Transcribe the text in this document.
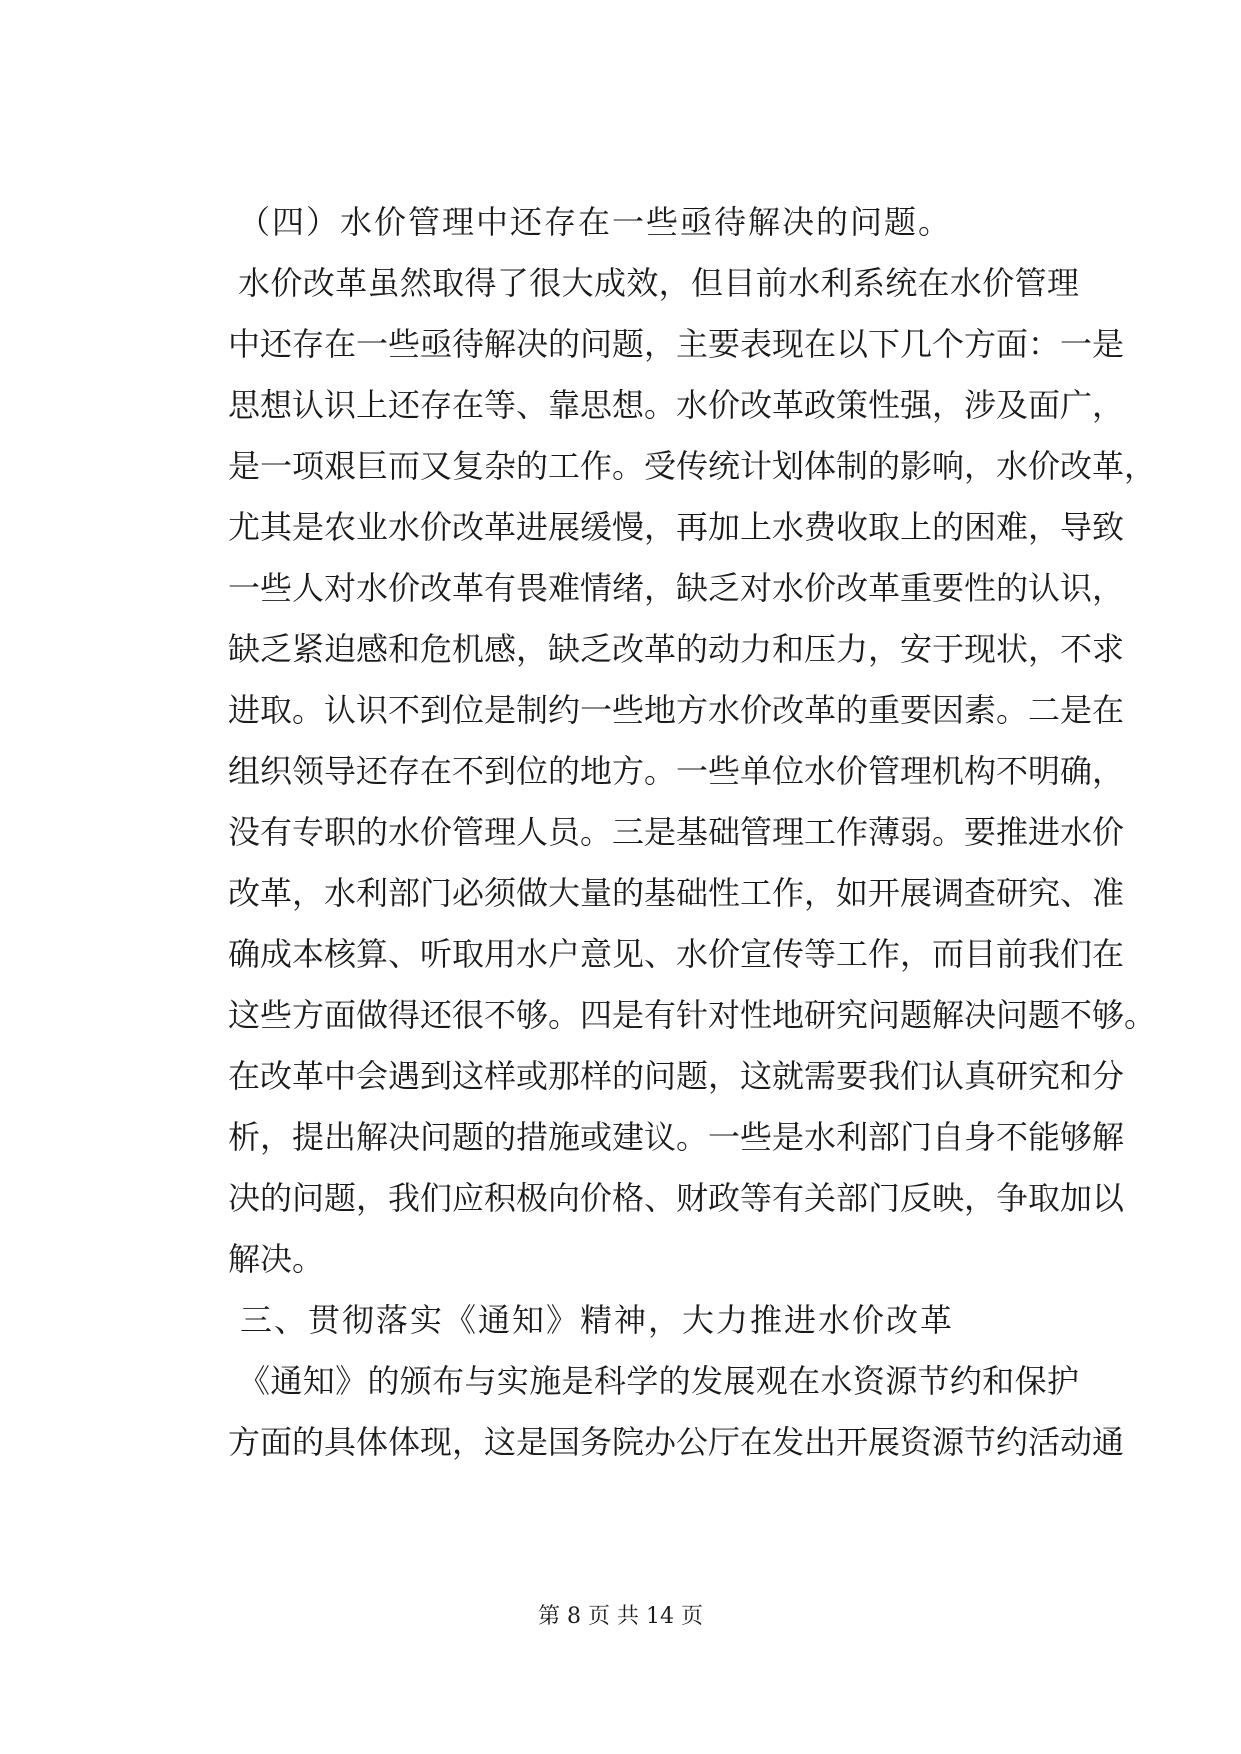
（四）水价管理中还存在一些亟待解决的问题。

水价改革虽然取得了很大成效，但目前水利系统在水价管理
中还存在一些亟待解决的问题，主要表现在以下几个方面：一是
思想认识上还存在等、靠思想。水价改革政策性强，涉及面广，
是一项艰巨而又复杂的工作。受传统计划体制的影响，水价改革，
尤其是农业水价改革进展缓慢，再加上水费收取上的困难，导致
一些人对水价改革有畏难情绪，缺乏对水价改革重要性的认识，
缺乏紧迫感和危机感，缺乏改革的动力和压力，安于现状，不求
进取。认识不到位是制约一些地方水价改革的重要因素。二是在
组织领导还存在不到位的地方。一些单位水价管理机构不明确，
没有专职的水价管理人员。三是基础管理工作薄弱。要推进水价
改革，水利部门必须做大量的基础性工作，如开展调查研究、准
确成本核算、听取用水户意见、水价宣传等工作，而目前我们在
这些方面做得还很不够。四是有针对性地研究问题解决问题不够。
在改革中会遇到这样或那样的问题，这就需要我们认真研究和分
析，提出解决问题的措施或建议。一些是水利部门自身不能够解
决的问题，我们应积极向价格、财政等有关部门反映，争取加以
解决。

三、贯彻落实《通知》精神，大力推进水价改革

《通知》的颁布与实施是科学的发展观在水资源节约和保护
方面的具体体现，这是国务院办公厅在发出开展资源节约活动通
第 8 页 共 14 页
